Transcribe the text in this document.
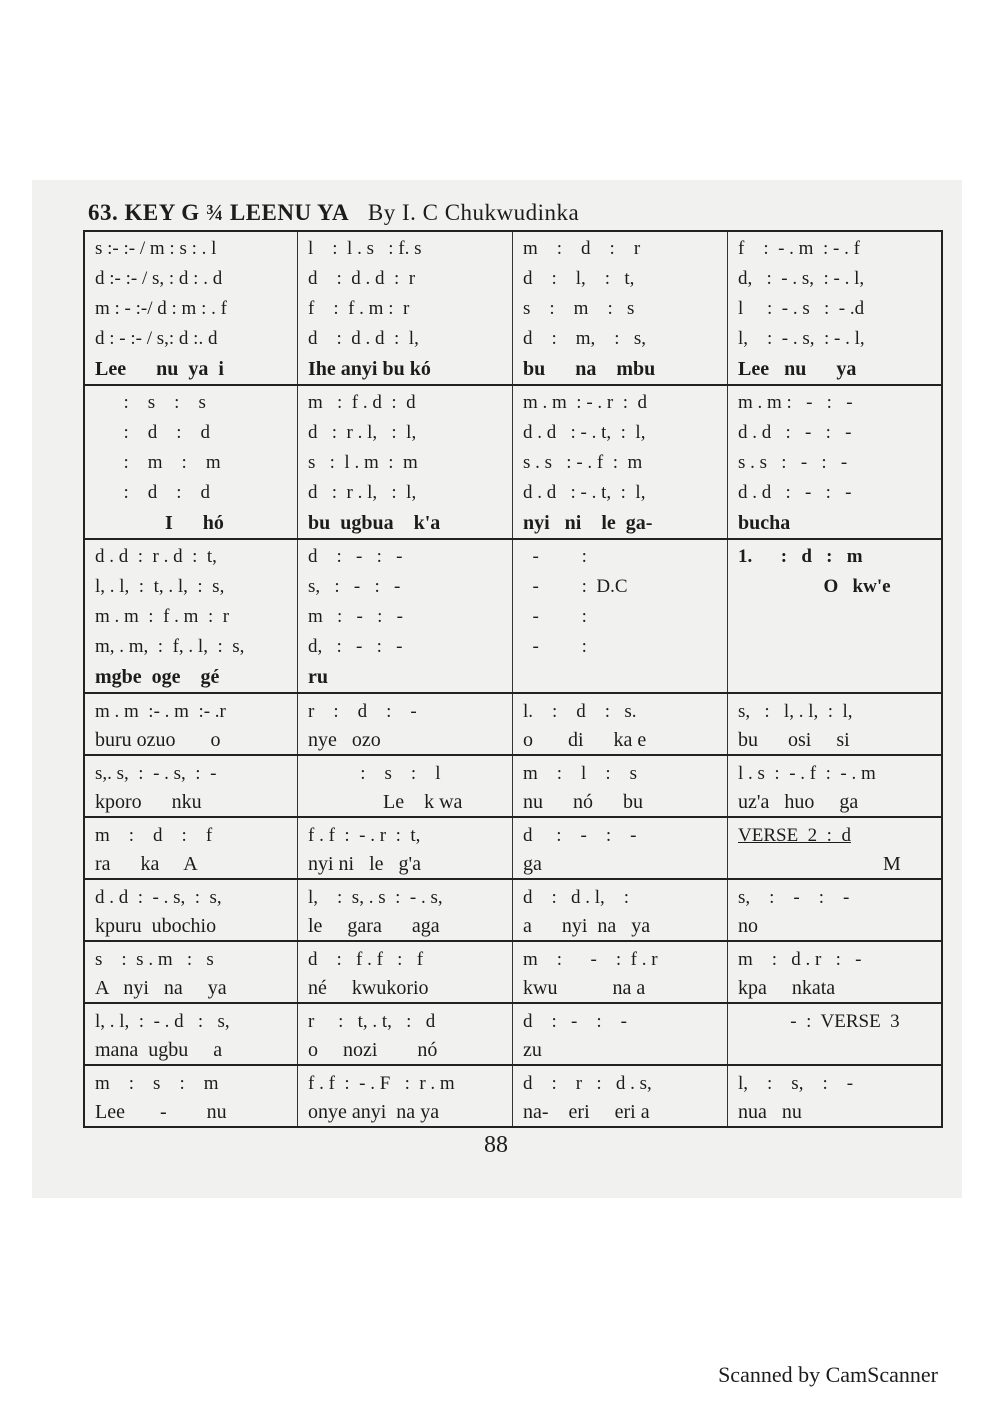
63. KEY G ¾ LEENU YA By I. C Chukwudinka
s :- :- / m : s : . l
d :- :- / s, : d : . d
m : - :-/ d : m : . f
d : - :- / s,: d :. d
Lee      nu  ya  i
l    :  l . s   : f. s
d    :  d . d  :  r
f    :  f . m :  r
d    :  d . d  :  l,
Ihe anyi bu kó
m    :    d    :    r
d    :    l,    :   t,
s    :    m    :   s
d    :    m,    :   s,
bu      na    mbu
f    :  - . m  : - . f
d,   :  - . s,  : - . l,
l     :  - . s   :  - .d
l,    :  - . s,  : - . l,
Lee   nu      ya
:    s    :    s
:    d    :    d
:    m    :    m
:    d    :    d
I      hó
m   :  f . d  :  d
d   :  r . l,   :  l,
s   :  l . m  :  m
d   :  r . l,   :  l,
bu  ugbua    k'a
m . m  : - . r  :  d
d . d   : - . t,  :  l,
s . s   : - . f  :  m
d . d   : - . t,  :  l,
nyi   ni    le  ga-
m . m :   -   :   -
d . d   :   -   :   -
s . s   :   -   :   -
d . d   :   -   :   -
bucha
d . d  :  r . d  :  t,
l, . l,  :  t, . l,  :  s,
m . m  :  f . m  :  r
m, . m,  :  f, . l,  :  s,
mgbe  oge    gé
d    :   -   :   -
s,   :   -   :   -
m   :   -   :   -
d,   :   -   :   -
ru
-         :
-         :  D.C
-         :
-         :
1.      :   d   :   m
O   kw'e
m . m  :- . m  :- .r
buru ozuo       o
r    :    d    :    -
nye   ozo
l.    :    d    :   s.
o       di      ka e
s,   :   l, . l,  :  l,
bu      osi     si
s,. s,  :  - . s,  :  -
kporo      nku
:    s    :    l
Le    k wa
m    :    l    :    s
nu      nó      bu
l . s  :  - . f  :  - . m
uz'a   huo     ga
m    :    d    :    f
ra      ka     A
f . f  :  - . r  :  t,
nyi ni   le   g'a
d     :    -    :    -
ga
VERSE  2  :  d
M
d . d  :  - . s,  :  s,
kpuru  ubochio
l,    :  s, . s  :  - . s,
le     gara      aga
d    :   d . l,    :
a      nyi  na   ya
s,    :    -    :    -
no
s    :  s . m   :   s
A   nyi   na     ya
d    :   f . f   :   f
né     kwukorio
m    :      -    :  f . r
kwu           na a
m    :   d . r   :   -
kpa     nkata
l, . l,  :  - . d   :   s,
mana  ugbu     a
r     :   t, . t,   :   d
o     nozi        nó
d    :   -    :    -
zu
-  :  VERSE  3
m    :    s    :    m
Lee       -        nu
f . f  :  - . F   :  r . m
onye anyi  na ya
d    :    r   :   d . s,
na-    eri     eri a
l,    :    s,    :    -
nua   nu
88
Scanned by CamScanner
